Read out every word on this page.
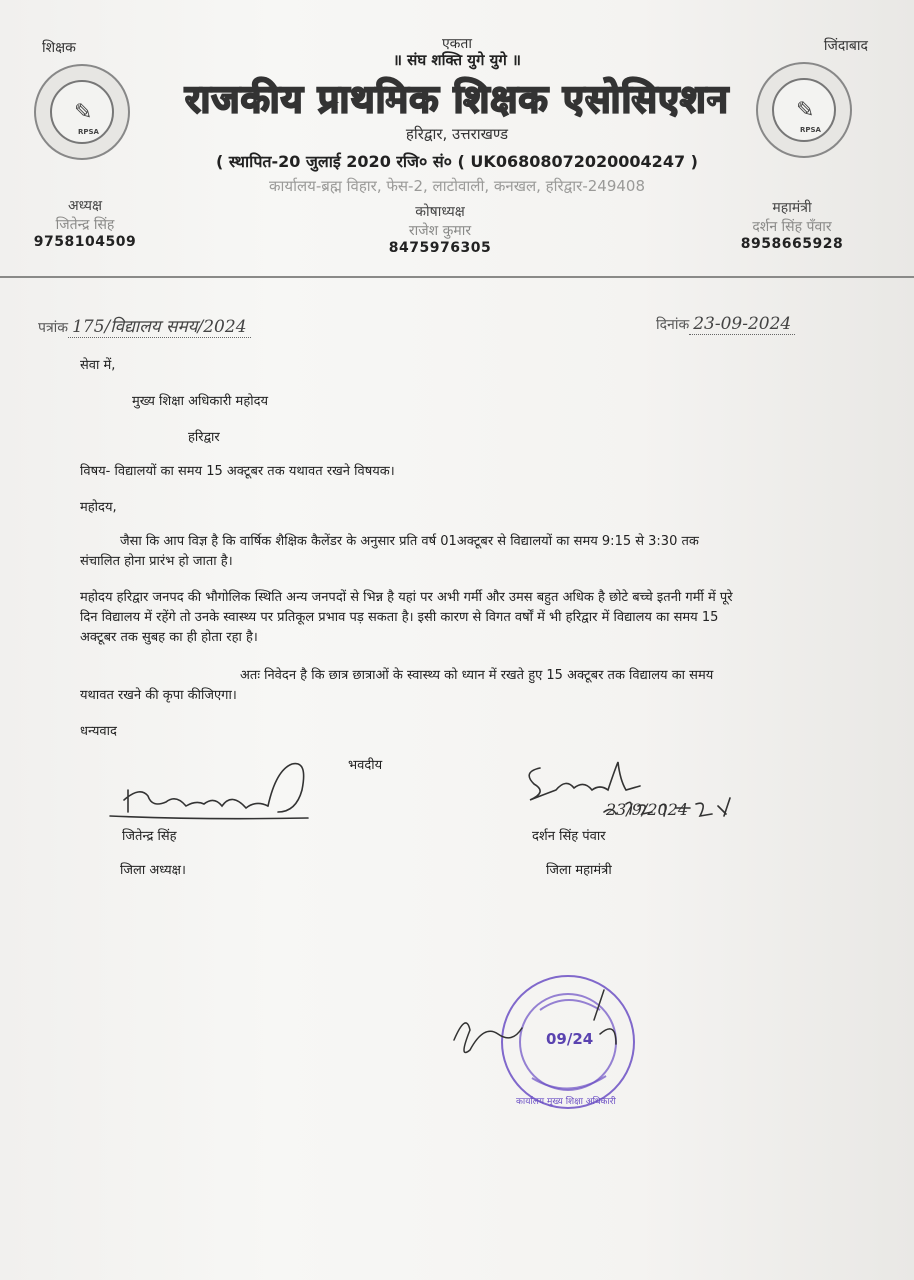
शिक्षक	जिंदाबाद
✎
RPSA
✎
RPSA
एकता
॥ संघ शक्ति युगे युगे ॥
राजकीय प्राथमिक शिक्षक एसोसिएशन
हरिद्वार, उत्तराखण्ड
( स्थापित-20 जुलाई 2020 रजि० सं० ( UK06808072020004247 )
कार्यालय-ब्रह्म विहार, फेस-2, लाटोवाली, कनखल, हरिद्वार-249408
अध्यक्ष
जितेन्द्र सिंह
9758104509
कोषाध्यक्ष
राजेश कुमार
8475976305
महामंत्री
दर्शन सिंह पँवार
8958665928
पत्रांक 175/विद्यालय समय/2024	दिनांक 23-09-2024
सेवा में,
मुख्य शिक्षा अधिकारी महोदय
हरिद्वार
विषय- विद्यालयों का समय 15 अक्टूबर तक यथावत रखने विषयक।
महोदय,
जैसा कि आप विज्ञ है कि वार्षिक शैक्षिक कैलेंडर के अनुसार प्रति वर्ष 01अक्टूबर से विद्यालयों का समय 9:15 से 3:30 तक संचालित होना प्रारंभ हो जाता है।
महोदय हरिद्वार जनपद की भौगोलिक स्थिति अन्य जनपदों से भिन्न है यहां पर अभी गर्मी और उमस बहुत अधिक है छोटे बच्चे इतनी गर्मी में पूरे दिन विद्यालय में रहेंगे तो उनके स्वास्थ्य पर प्रतिकूल प्रभाव पड़ सकता है। इसी कारण से विगत वर्षों में भी हरिद्वार में विद्यालय का समय 15 अक्टूबर तक सुबह का ही होता रहा है।
अतः निवेदन है कि छात्र छात्राओं के स्वास्थ्य को ध्यान में रखते हुए 15 अक्टूबर तक विद्यालय का समय यथावत रखने की कृपा कीजिएगा।
धन्यवाद
भवदीय
09/24
कार्यालय मुख्य शिक्षा अधिकारी
23/9/2024
जितेन्द्र सिंह
जिला अध्यक्ष।
दर्शन सिंह पंवार
जिला महामंत्री
